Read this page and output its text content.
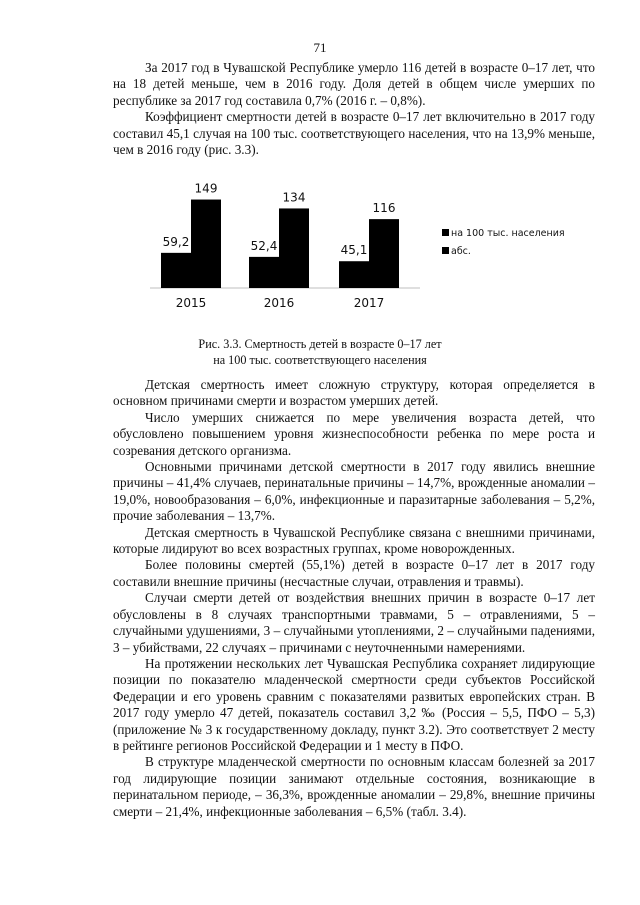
71

За 2017 год в Чувашской Республике умерло 116 детей в возрасте 0–17 лет, что на 18 детей меньше, чем в 2016 году. Доля детей в общем числе умерших по республике за 2017 год составила 0,7% (2016 г. – 0,8%).

Коэффициент смертности детей в возрасте 0–17 лет включительно в 2017 году составил 45,1 случая на 100 тыс. соответствующего населения, что на 13,9% меньше, чем в 2016 году (рис. 3.3).

59,2
149
2015
52,4
134
2016
45,1
116
2017
на 100 тыс. населения
абс.
Рис. 3.3. Смертность детей в возрасте 0–17 лет
на 100 тыс. соответствующего населения

Детская смертность имеет сложную структуру, которая определяется в основном причинами смерти и возрастом умерших детей.

Число умерших снижается по мере увеличения возраста детей, что обусловлено повышением уровня жизнеспособности ребенка по мере роста и созревания детского организма.

Основными причинами детской смертности в 2017 году явились внешние причины – 41,4% случаев, перинатальные причины – 14,7%, врожденные аномалии – 19,0%, новообразования – 6,0%, инфекционные и паразитарные заболевания – 5,2%, прочие заболевания – 13,7%.

Детская смертность в Чувашской Республике связана с внешними причинами, которые лидируют во всех возрастных группах, кроме новорожденных.

Более половины смертей (55,1%) детей в возрасте 0–17 лет в 2017 году составили внешние причины (несчастные случаи, отравления и травмы).

Случаи смерти детей от воздействия внешних причин в возрасте 0–17 лет обусловлены в 8 случаях транспортными травмами, 5 – отравлениями, 5 – случайными удушениями, 3 – случайными утоплениями, 2 – случайными падениями, 3 – убийствами, 22 случаях – причинами с неуточненными намерениями.

На протяжении нескольких лет Чувашская Республика сохраняет лидирующие позиции по показателю младенческой смертности среди субъектов Российской Федерации и его уровень сравним с показателями развитых европейских стран. В 2017 году умерло 47 детей, показатель составил 3,2 ‰ (Россия – 5,5, ПФО – 5,3) (приложение № 3 к государственному докладу, пункт 3.2). Это соответствует 2 месту в рейтинге регионов Российской Федерации и 1 месту в ПФО.

В структуре младенческой смертности по основным классам болезней за 2017 год лидирующие позиции занимают отдельные состояния, возникающие в перинатальном периоде, – 36,3%, врожденные аномалии – 29,8%, внешние причины смерти – 21,4%, инфекционные заболевания – 6,5% (табл. 3.4).
